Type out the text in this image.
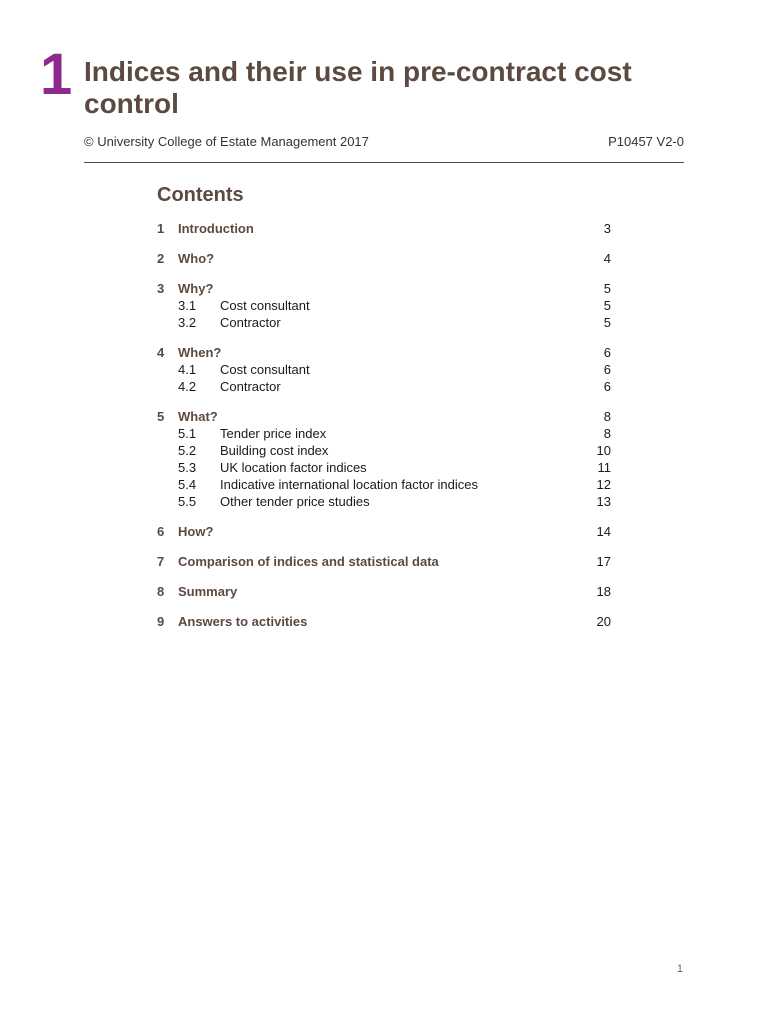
1 Indices and their use in pre-contract cost control
© University College of Estate Management 2017	P10457 V2-0
Contents
1	Introduction	3
2	Who?	4
3	Why?	5
3.1	Cost consultant	5
3.2	Contractor	5
4	When?	6
4.1	Cost consultant	6
4.2	Contractor	6
5	What?	8
5.1	Tender price index	8
5.2	Building cost index	10
5.3	UK location factor indices	11
5.4	Indicative international location factor indices	12
5.5	Other tender price studies	13
6	How?	14
7	Comparison of indices and statistical data	17
8	Summary	18
9	Answers to activities	20
1
